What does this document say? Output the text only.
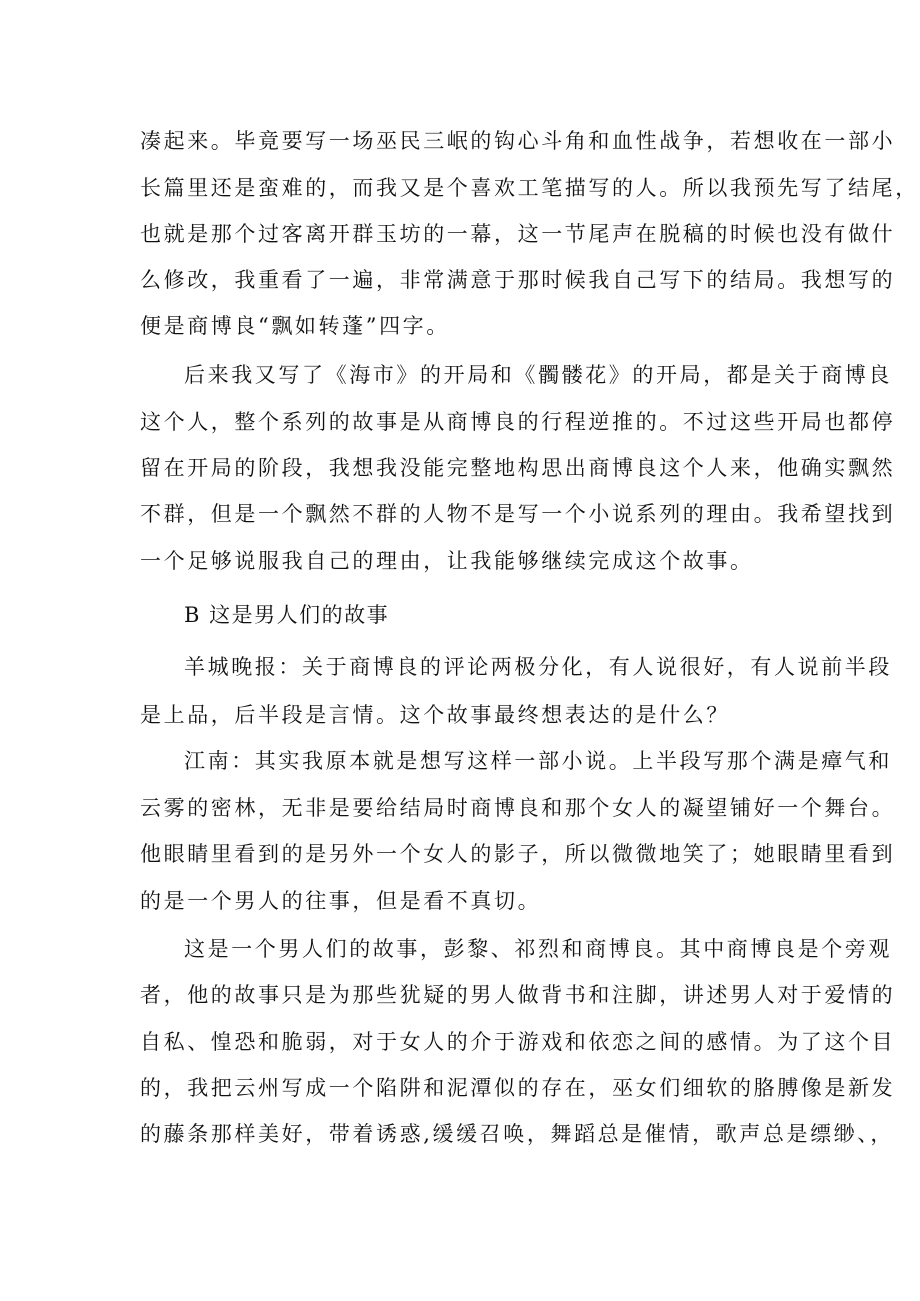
凑起来。毕竟要写一场巫民三岷的钩心斗角和血性战争，若想收在一部小
长篇里还是蛮难的，而我又是个喜欢工笔描写的人。所以我预先写了结尾，
也就是那个过客离开群玉坊的一幕，这一节尾声在脱稿的时候也没有做什
么修改，我重看了一遍，非常满意于那时候我自己写下的结局。我想写的
便是商博良“飘如转蓬”四字。
后来我又写了《海市》的开局和《髑髅花》的开局，都是关于商博良
这个人，整个系列的故事是从商博良的行程逆推的。不过这些开局也都停
留在开局的阶段，我想我没能完整地构思出商博良这个人来，他确实飘然
不群，但是一个飘然不群的人物不是写一个小说系列的理由。我希望找到
一个足够说服我自己的理由，让我能够继续完成这个故事。
B 这是男人们的故事
羊城晚报：关于商博良的评论两极分化，有人说很好，有人说前半段
是上品，后半段是言情。这个故事最终想表达的是什么？
江南：其实我原本就是想写这样一部小说。上半段写那个满是瘴气和
云雾的密林，无非是要给结局时商博良和那个女人的凝望铺好一个舞台。
他眼睛里看到的是另外一个女人的影子，所以微微地笑了；她眼睛里看到
的是一个男人的往事，但是看不真切。
这是一个男人们的故事，彭黎、祁烈和商博良。其中商博良是个旁观
者，他的故事只是为那些犹疑的男人做背书和注脚，讲述男人对于爱情的
自私、惶恐和脆弱，对于女人的介于游戏和依恋之间的感情。为了这个目
的，我把云州写成一个陷阱和泥潭似的存在，巫女们细软的胳膊像是新发
的藤条那样美好，带着诱惑,缓缓召唤，舞蹈总是催情，歌声总是缥缈、，
